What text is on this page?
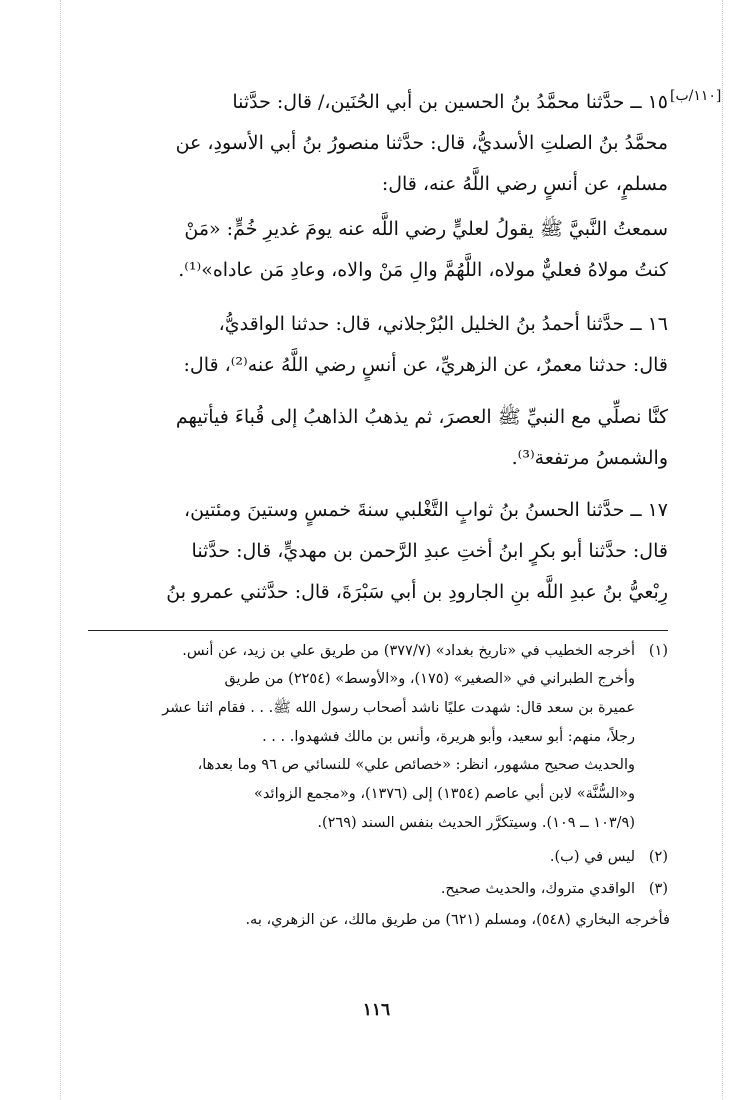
[١١٠/ب]
١٥ ــ حدَّثنا محمَّدُ بنُ الحسين بن أبي الحُنَين،/ قال: حدَّثنا
محمَّدُ بنُ الصلتِ الأسديُّ، قال: حدَّثنا منصورُ بنُ أبي الأسودِ، عن
مسلمٍ، عن أنسٍ رضي اللَّهُ عنه، قال:
سمعتُ النَّبيَّ ﷺ يقولُ لعليٍّ رضي اللَّه عنه يومَ غديرِ خُمٍّ: «مَنْ
كنتُ مولاهُ فعليٌّ مولاه، اللَّهُمَّ والِ مَنْ والاه، وعادِ مَن عاداه»⁽¹⁾.
١٦ ــ حدَّثنا أحمدُ بنُ الخليل البُرْجلاني، قال: حدثنا الواقديُّ،
قال: حدثنا معمرٌ، عن الزهريِّ، عن أنسٍ رضي اللَّهُ عنه⁽²⁾، قال:
كنَّا نصلِّي مع النبيِّ ﷺ العصرَ، ثم يذهبُ الذاهبُ إلى قُباءَ فيأتيهم
والشمسُ مرتفعة⁽³⁾.
١٧ ــ حدَّثنا الحسنُ بنُ ثوابٍ التَّغْلبي سنةَ خمسٍ وستينَ ومئتين،
قال: حدَّثنا أبو بكرٍ ابنُ أختِ عبدِ الرَّحمن بن مهديٍّ، قال: حدَّثنا
رِبْعيُّ بنُ عبدِ اللَّه بنِ الجارودِ بن أبي سَبْرَةَ، قال: حدَّثني عمرو بنُ
(١)
أخرجه الخطيب في «تاريخ بغداد» (٣٧٧/٧) من طريق علي بن زيد، عن أنس.
وأخرج الطبراني في «الصغير» (١٧٥)، و«الأوسط» (٢٢٥٤) من طريق
عميرة بن سعد قال: شهدت عليًا ناشد أصحاب رسول الله ﷺ. . . فقام اثنا عشر
رجلاً، منهم: أبو سعيد، وأبو هريرة، وأنس بن مالك فشهدوا. . . .
والحديث صحيح مشهور، انظر: «خصائص علي» للنسائي ص ٩٦ وما بعدها،
و«السُّنَّة» لابن أبي عاصم (١٣٥٤) إلى (١٣٧٦)، و«مجمع الزوائد»
(١٠٣/٩ ــ ١٠٩). وسيتكرَّر الحديث بنفس السند (٢٦٩).
(٢)
ليس في (ب).
(٣)
الواقدي متروك، والحديث صحيح.
فأخرجه البخاري (٥٤٨)، ومسلم (٦٢١) من طريق مالك، عن الزهري، به.
١١٦
